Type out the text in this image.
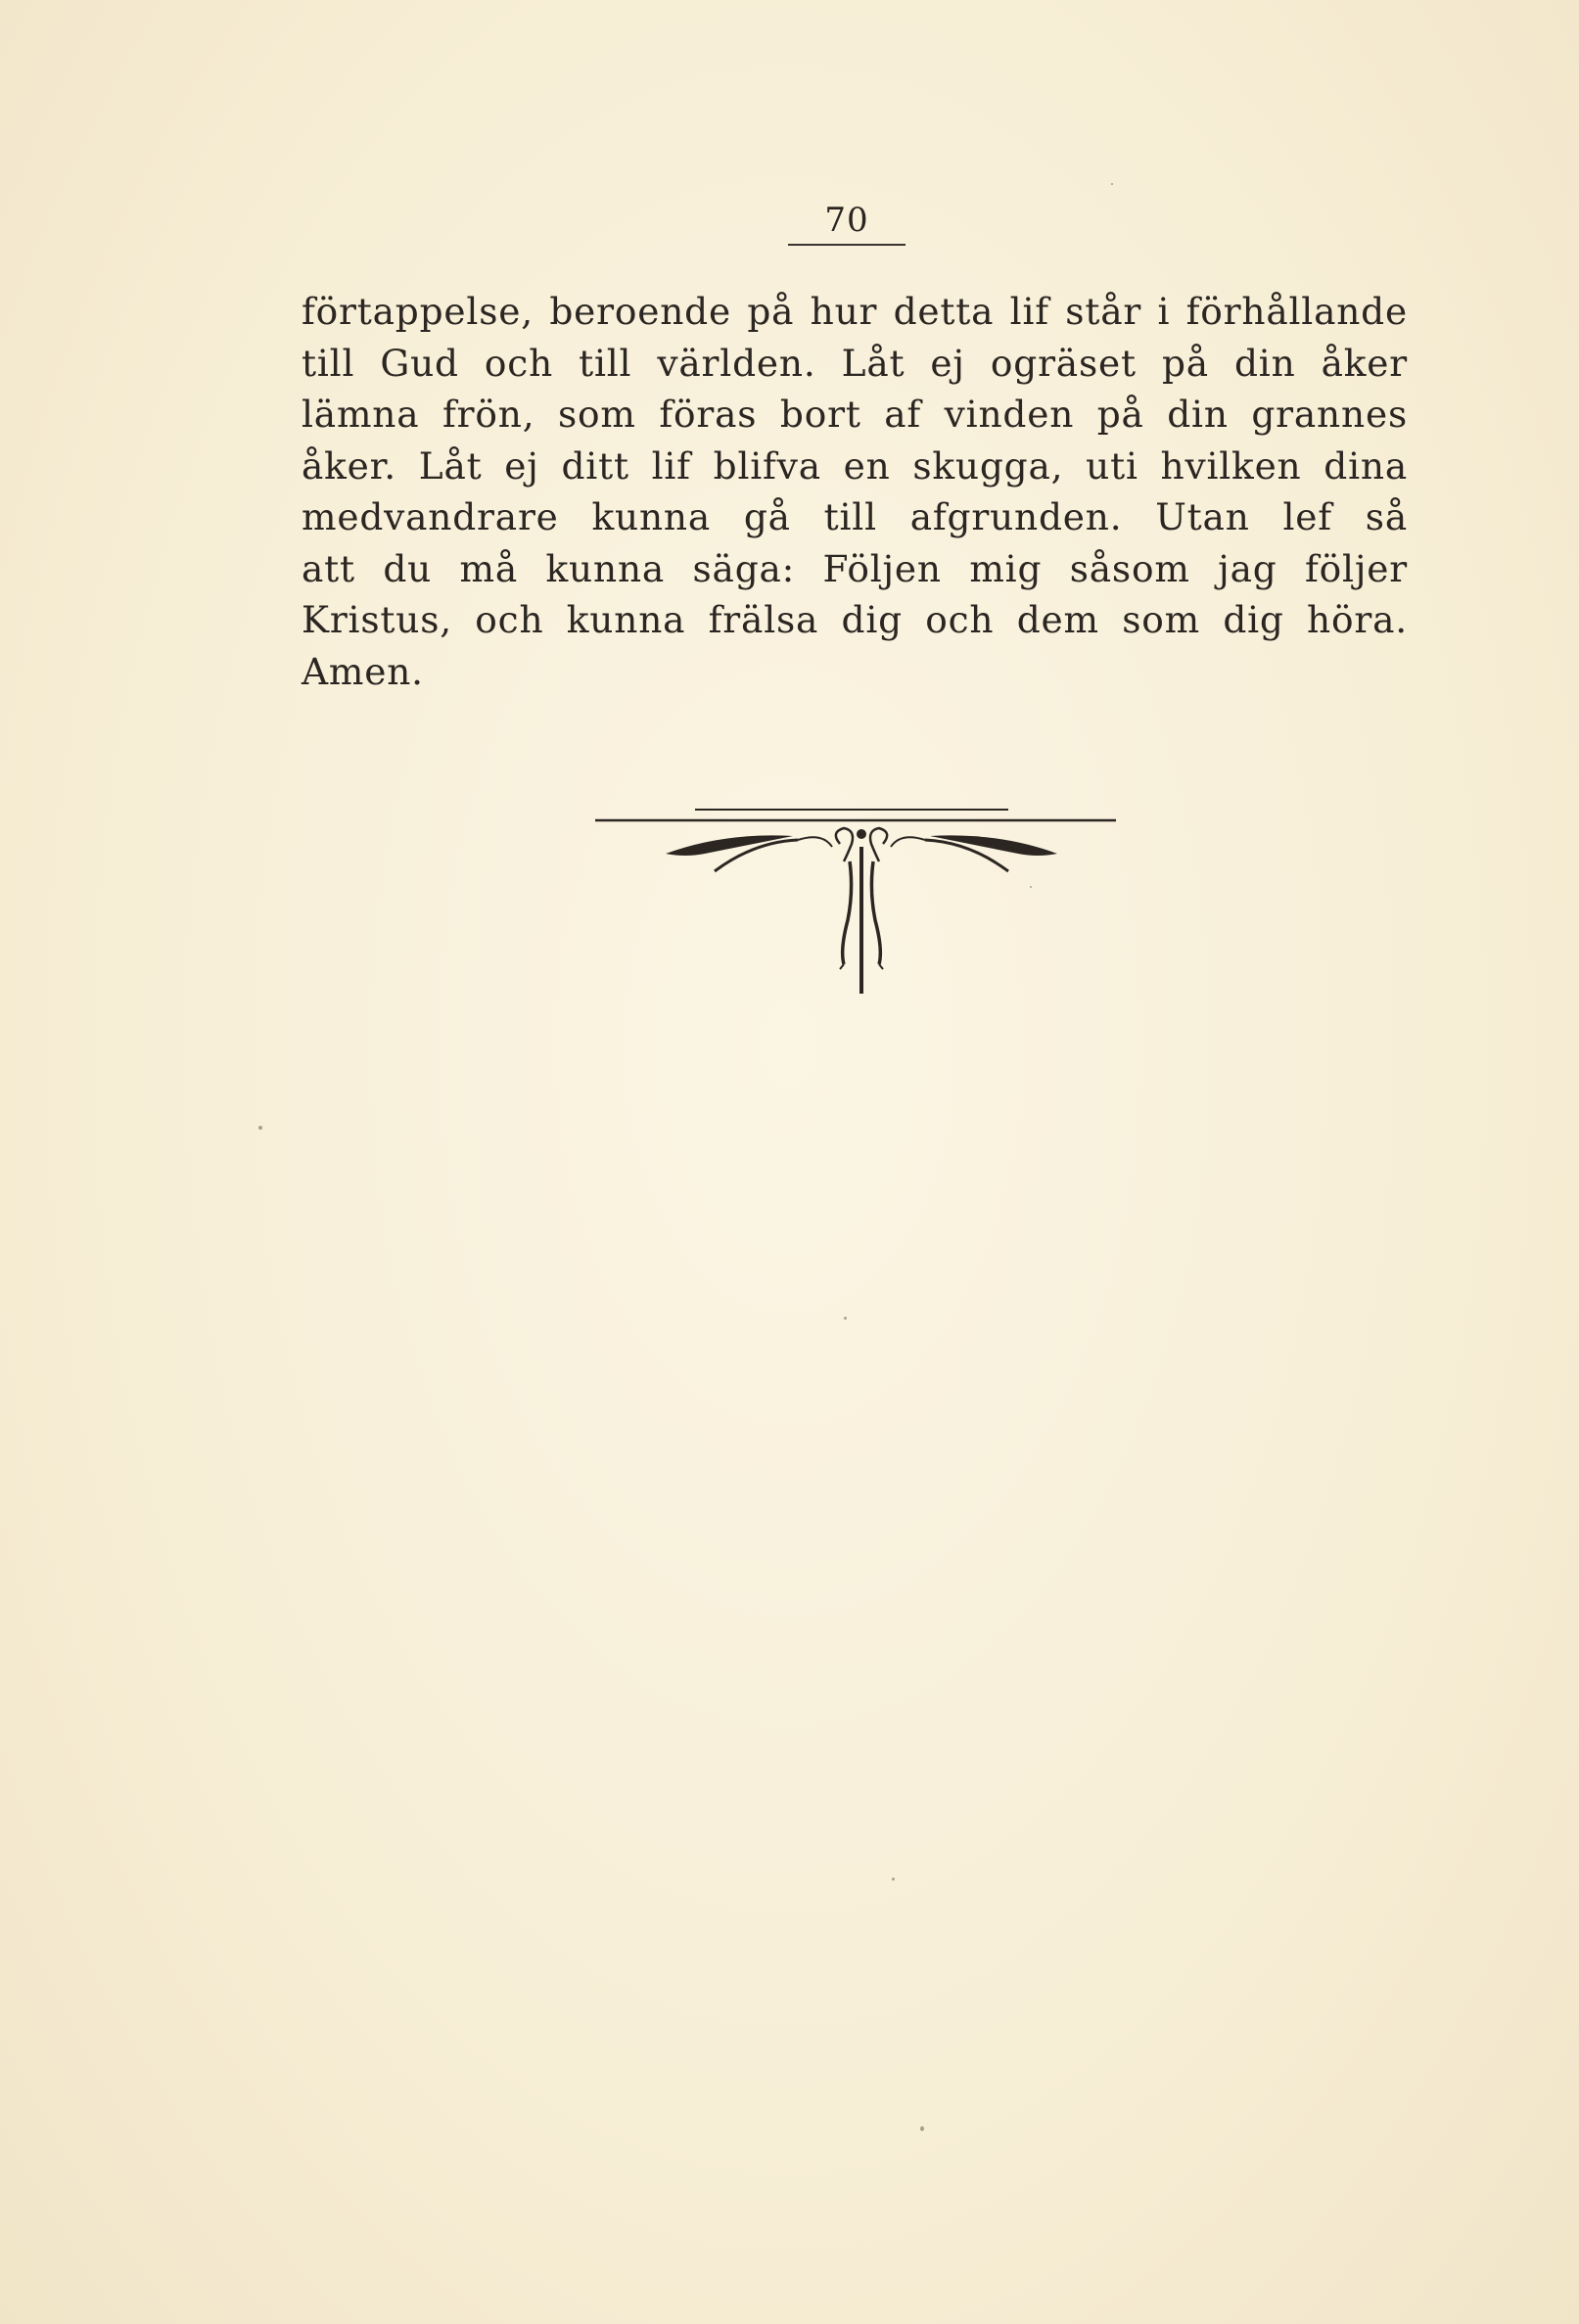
70
förtappelse, beroende på hur detta lif står i förhållande
till Gud och till världen. Låt ej ogräset på din åker
lämna frön, som föras bort af vinden på din grannes
åker. Låt ej ditt lif blifva en skugga, uti hvilken dina
medvandrare kunna gå till afgrunden. Utan lef så
att du må kunna säga: Följen mig såsom jag följer
Kristus, och kunna frälsa dig och dem som dig höra.
Amen.
